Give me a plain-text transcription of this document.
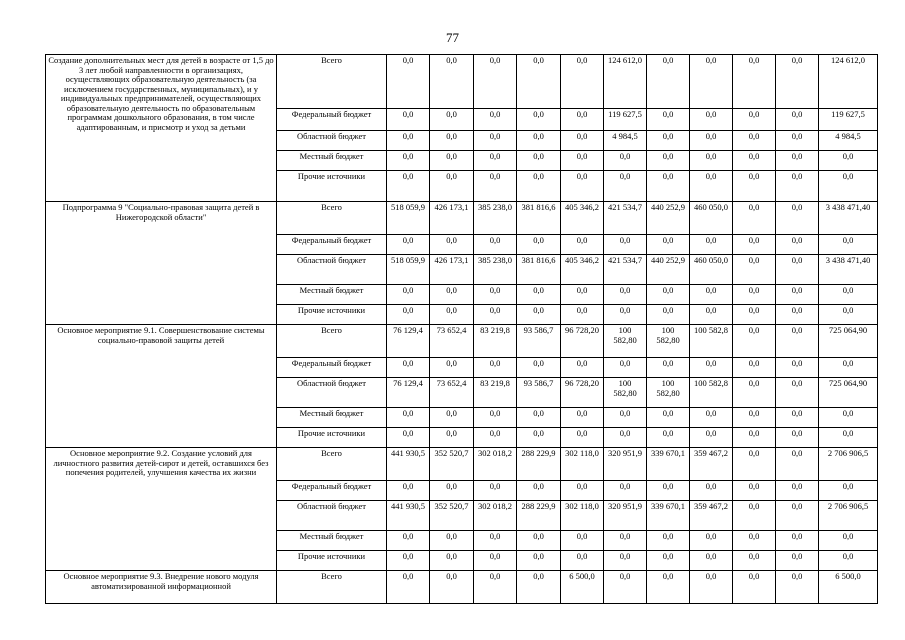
77
Создание дополнительных мест для детей в возрасте от 1,5 до 3 лет любой направленности в организациях, осуществляющих образовательную деятельность (за исключением государственных, муниципальных), и у индивидуальных предпринимателей, осуществляющих образовательную деятельность по образовательным программам дошкольного образования, в том числе адаптированным, и присмотр и уход за детьми	Всего	0,0	0,0	0,0	0,0	0,0	124 612,0	0,0	0,0	0,0	0,0	124 612,0
	Федеральный бюджет	0,0	0,0	0,0	0,0	0,0	119 627,5	0,0	0,0	0,0	0,0	119 627,5
	Областной бюджет	0,0	0,0	0,0	0,0	0,0	4 984,5	0,0	0,0	0,0	0,0	4 984,5
	Местный бюджет	0,0	0,0	0,0	0,0	0,0	0,0	0,0	0,0	0,0	0,0	0,0
	Прочие источники	0,0	0,0	0,0	0,0	0,0	0,0	0,0	0,0	0,0	0,0	0,0
Подпрограмма 9 "Социально-правовая защита детей в Нижегородской области"	Всего	518 059,9	426 173,1	385 238,0	381 816,6	405 346,2	421 534,7	440 252,9	460 050,0	0,0	0,0	3 438 471,40
	Федеральный бюджет	0,0	0,0	0,0	0,0	0,0	0,0	0,0	0,0	0,0	0,0	0,0
	Областной бюджет	518 059,9	426 173,1	385 238,0	381 816,6	405 346,2	421 534,7	440 252,9	460 050,0	0,0	0,0	3 438 471,40
	Местный бюджет	0,0	0,0	0,0	0,0	0,0	0,0	0,0	0,0	0,0	0,0	0,0
	Прочие источники	0,0	0,0	0,0	0,0	0,0	0,0	0,0	0,0	0,0	0,0	0,0
Основное мероприятие 9.1. Совершенствование системы социально-правовой защиты детей	Всего	76 129,4	73 652,4	83 219,8	93 586,7	96 728,20	100 582,80	100 582,80	100 582,8	0,0	0,0	725 064,90
	Федеральный бюджет	0,0	0,0	0,0	0,0	0,0	0,0	0,0	0,0	0,0	0,0	0,0
	Областной бюджет	76 129,4	73 652,4	83 219,8	93 586,7	96 728,20	100 582,80	100 582,80	100 582,8	0,0	0,0	725 064,90
	Местный бюджет	0,0	0,0	0,0	0,0	0,0	0,0	0,0	0,0	0,0	0,0	0,0
	Прочие источники	0,0	0,0	0,0	0,0	0,0	0,0	0,0	0,0	0,0	0,0	0,0
Основное мероприятие 9.2. Создание условий для личностного развития детей-сирот и детей, оставшихся без попечения родителей, улучшения качества их жизни	Всего	441 930,5	352 520,7	302 018,2	288 229,9	302 118,0	320 951,9	339 670,1	359 467,2	0,0	0,0	2 706 906,5
	Федеральный бюджет	0,0	0,0	0,0	0,0	0,0	0,0	0,0	0,0	0,0	0,0	0,0
	Областной бюджет	441 930,5	352 520,7	302 018,2	288 229,9	302 118,0	320 951,9	339 670,1	359 467,2	0,0	0,0	2 706 906,5
	Местный бюджет	0,0	0,0	0,0	0,0	0,0	0,0	0,0	0,0	0,0	0,0	0,0
	Прочие источники	0,0	0,0	0,0	0,0	0,0	0,0	0,0	0,0	0,0	0,0	0,0
Основное мероприятие 9.3. Внедрение нового модуля автоматизированной информационной	Всего	0,0	0,0	0,0	0,0	6 500,0	0,0	0,0	0,0	0,0	0,0	6 500,0
